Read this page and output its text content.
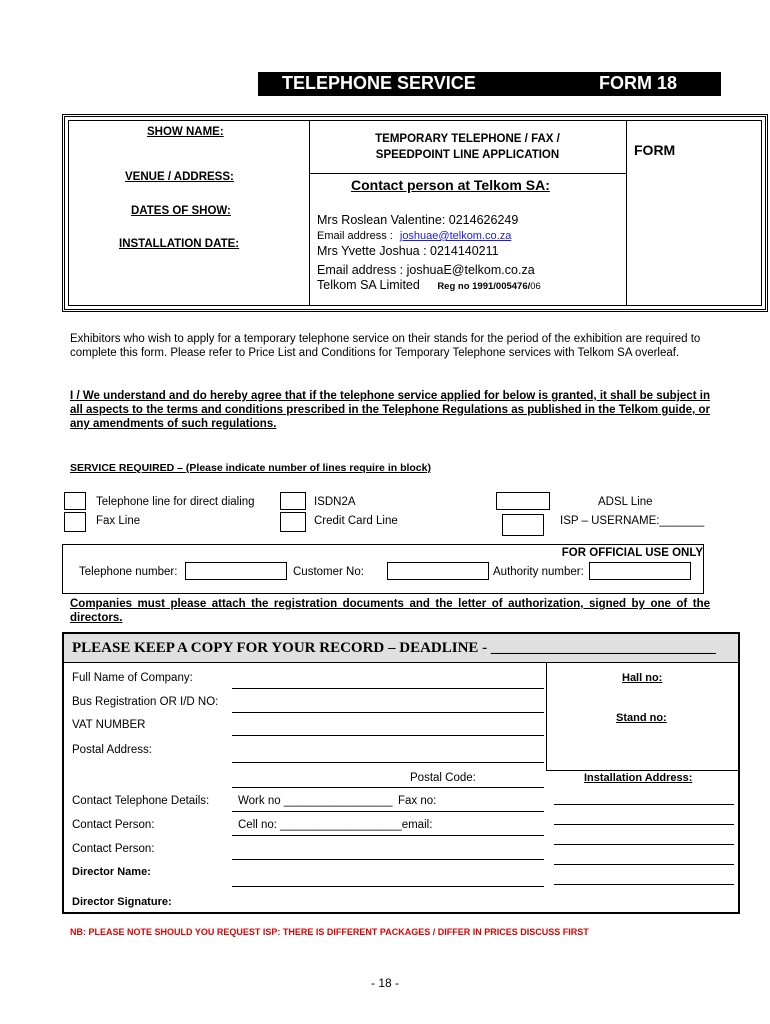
TELEPHONE SERVICE	FORM 18
SHOW NAME:
VENUE / ADDRESS:
DATES OF SHOW:
INSTALLATION DATE:
TEMPORARY TELEPHONE / FAX /
SPEEDPOINT LINE APPLICATION	FORM
Contact person at Telkom SA:
Mrs Roslean Valentine: 0214626249
Email address : joshuae@telkom.co.za
Mrs Yvette Joshua : 0214140211
Email address : joshuaE@telkom.co.za
Telkom SA Limited Reg no 1991/005476/06
Exhibitors who wish to apply for a temporary telephone service on their stands for the period of the exhibition are required to complete this form. Please refer to Price List and Conditions for Temporary Telephone services with Telkom SA overleaf.
I / We understand and do hereby agree that if the telephone service applied for below is granted, it shall be subject in all aspects to the terms and conditions prescribed in the Telephone Regulations as published in the Telkom guide, or any amendments of such regulations.
SERVICE REQUIRED – (Please indicate number of lines require in block)
Telephone line for direct dialing
Fax Line
ISDN2A
Credit Card Line
ADSL Line
ISP – USERNAME:_______
FOR OFFICIAL USE ONLY
Telephone number:	Customer No:	Authority number:
Companies must please attach the registration documents and the letter of authorization, signed by one of the directors.
PLEASE KEEP A COPY FOR YOUR RECORD – DEADLINE - ______________________________
Full Name of Company:
Bus Registration OR I/D NO:
VAT NUMBER
Postal Address:
Postal Code:
Contact Telephone Details:	Work no _________________ Fax no:
Contact Person:	Cell no: ___________________email:
Contact Person:
Director Name:
Director Signature:
Hall no:
Stand no:
Installation Address:
NB: PLEASE NOTE SHOULD YOU REQUEST ISP: THERE IS DIFFERENT PACKAGES / DIFFER IN PRICES DISCUSS FIRST
- 18 -
